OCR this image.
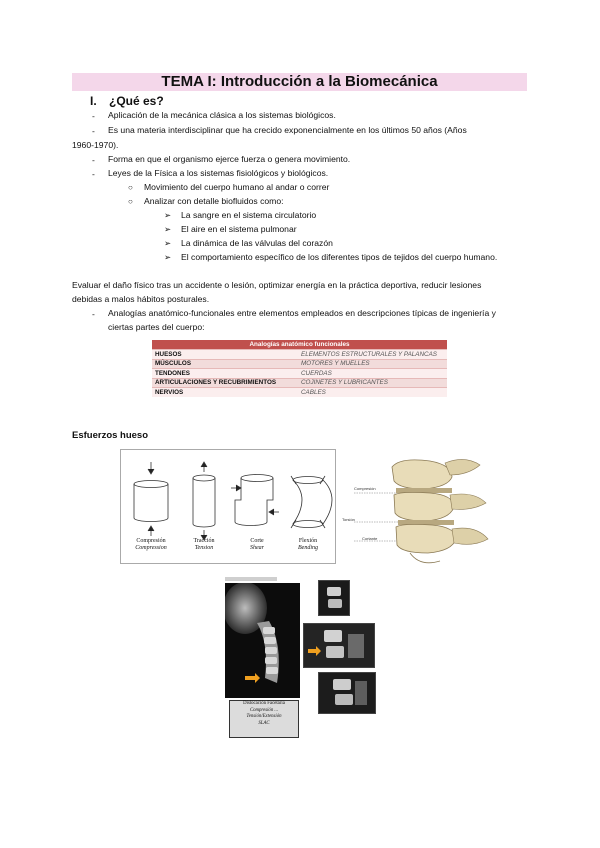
TEMA I: Introducción a la Biomecánica
I. ¿Qué es?
- Aplicación de la mecánica clásica a los sistemas biológicos.
- Es una materia interdisciplinar que ha crecido exponencialmente en los últimos 50 años (Años
1960-1970).
- Forma en que el organismo ejerce fuerza o genera movimiento.
- Leyes de la Física a los sistemas fisiológicos y biológicos.
○ Movimiento del cuerpo humano al andar o correr
○ Analizar con detalle biofluidos como:
➢ La sangre en el sistema circulatorio
➢ El aire en el sistema pulmonar
➢ La dinámica de las válvulas del corazón
➢ El comportamiento específico de los diferentes tipos de tejidos del cuerpo humano.
Evaluar el daño físico tras un accidente o lesión, optimizar energía en la práctica deportiva, reducir lesiones
debidas a malos hábitos posturales.
- Analogías anatómico-funcionales entre elementos empleados en descripciones típicas de ingeniería y
ciertas partes del cuerpo:
Analogías anatómico funcionales	
HUESOS	ELEMENTOS ESTRUCTURALES Y PALANCAS
MÚSCULOS	MOTORES Y MUELLES
TENDONES	CUERDAS
ARTICULACIONES Y RECUBRIMIENTOS	COJINETES Y LUBRICANTES
NERVIOS	CABLES
Esfuerzos hueso
Compresión
Compression
Tracción
Tension
Corte
Shear
Flexión
Bending
Compresión
Torsión
Cortante
Dislocación Facetaria
Compresión ...
Tensión/Extensión
SLAC
